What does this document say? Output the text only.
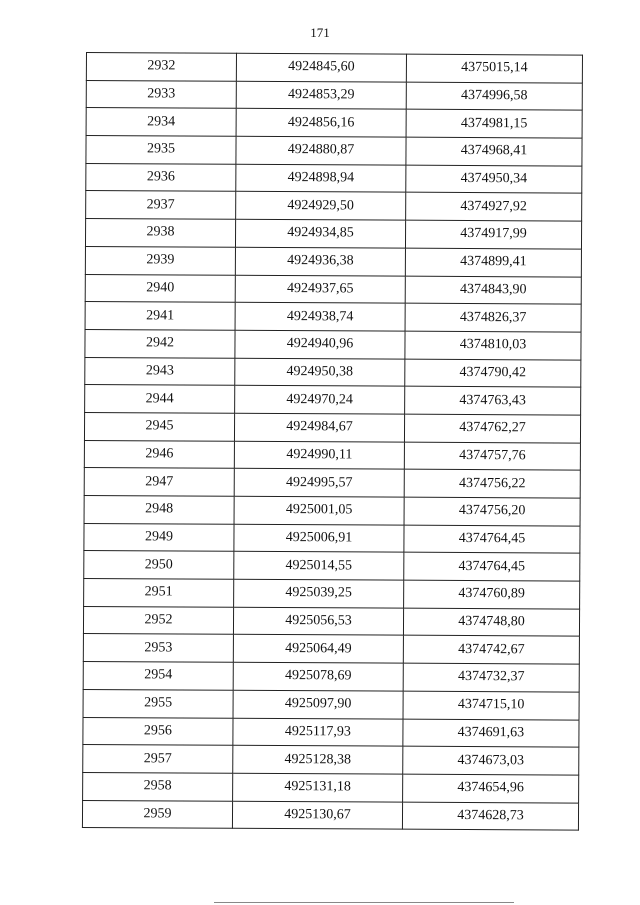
171
2932	4924845,60	4375015,14
2933	4924853,29	4374996,58
2934	4924856,16	4374981,15
2935	4924880,87	4374968,41
2936	4924898,94	4374950,34
2937	4924929,50	4374927,92
2938	4924934,85	4374917,99
2939	4924936,38	4374899,41
2940	4924937,65	4374843,90
2941	4924938,74	4374826,37
2942	4924940,96	4374810,03
2943	4924950,38	4374790,42
2944	4924970,24	4374763,43
2945	4924984,67	4374762,27
2946	4924990,11	4374757,76
2947	4924995,57	4374756,22
2948	4925001,05	4374756,20
2949	4925006,91	4374764,45
2950	4925014,55	4374764,45
2951	4925039,25	4374760,89
2952	4925056,53	4374748,80
2953	4925064,49	4374742,67
2954	4925078,69	4374732,37
2955	4925097,90	4374715,10
2956	4925117,93	4374691,63
2957	4925128,38	4374673,03
2958	4925131,18	4374654,96
2959	4925130,67	4374628,73
